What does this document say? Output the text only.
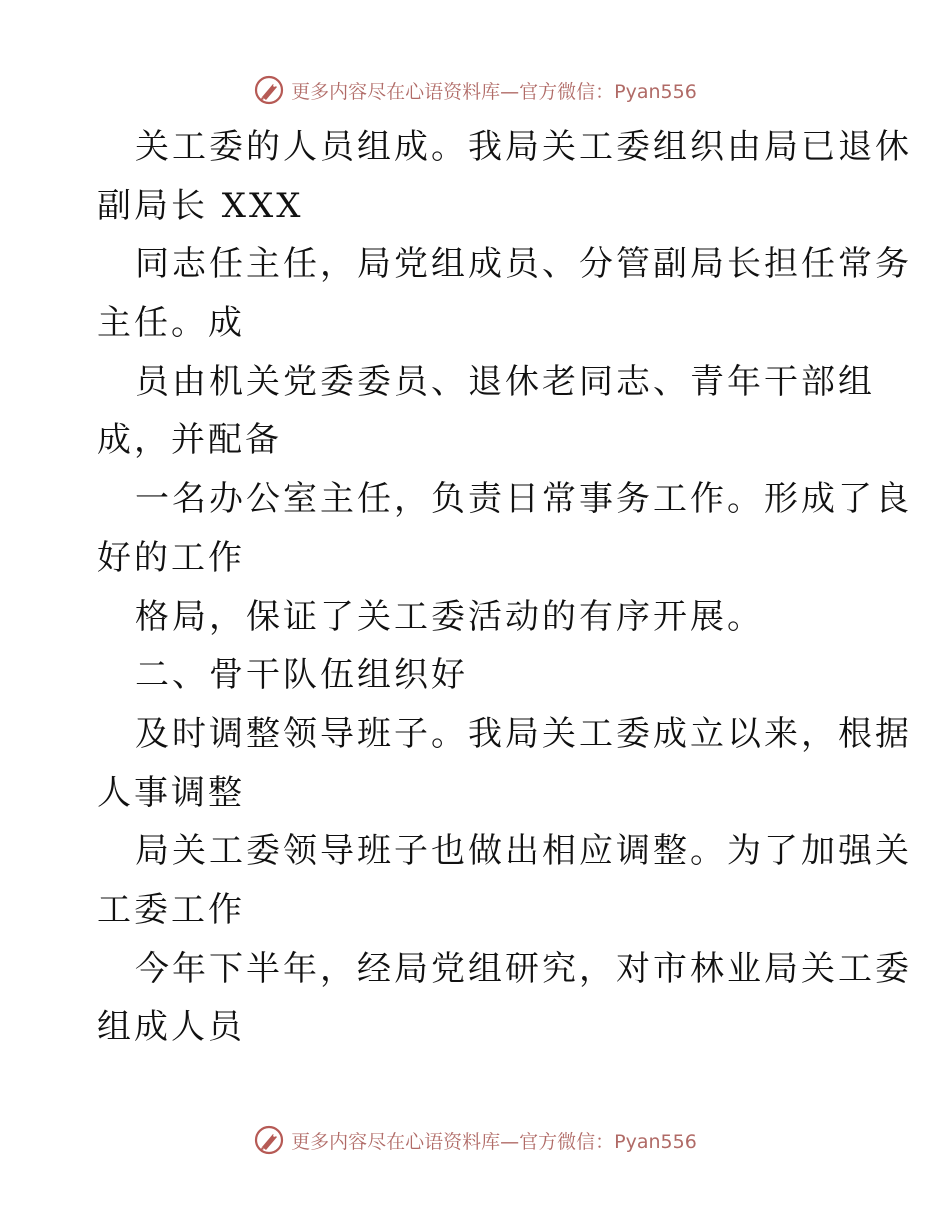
更多内容尽在心语资料库—官方微信：Pyan556
关工委的人员组成。我局关工委组织由局已退休
副局长 XXX
同志任主任，局党组成员、分管副局长担任常务
主任。成
员由机关党委委员、退休老同志、青年干部组
成，并配备
一名办公室主任，负责日常事务工作。形成了良
好的工作
格局，保证了关工委活动的有序开展。
二、骨干队伍组织好
及时调整领导班子。我局关工委成立以来，根据
人事调整
局关工委领导班子也做出相应调整。为了加强关
工委工作
今年下半年，经局党组研究，对市林业局关工委
组成人员
更多内容尽在心语资料库—官方微信：Pyan556
